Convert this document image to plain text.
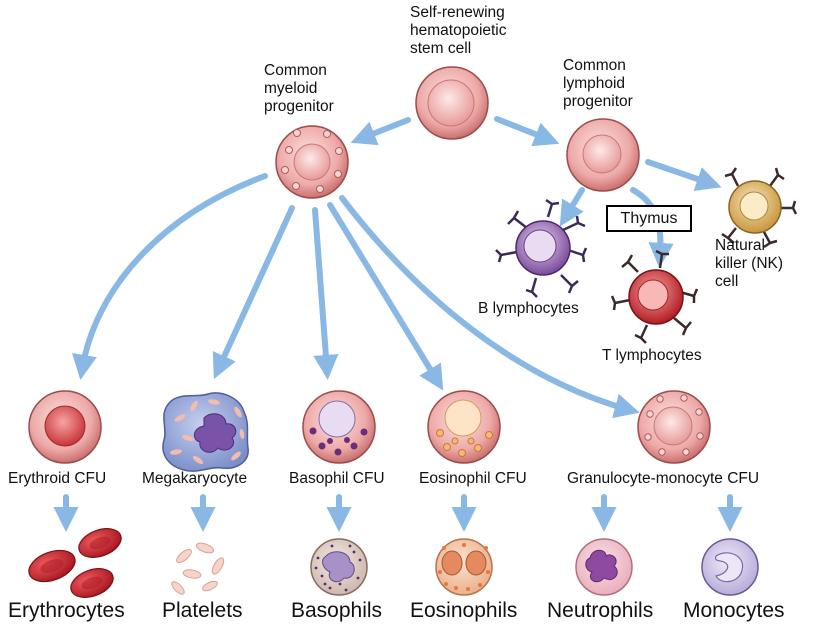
Self-renewing
hematopoietic
stem cell
Common
myeloid
progenitor
Common
lymphoid
progenitor
B lymphocytes
T lymphocytes
Natural
killer (NK)
cell
Thymus
Erythroid CFU Megakaryocyte	Basophil CFU Eosinophil CFU	Granulocyte-monocyte CFU
Erythrocytes Platelets Basophils Eosinophils Neutrophils Monocytes
